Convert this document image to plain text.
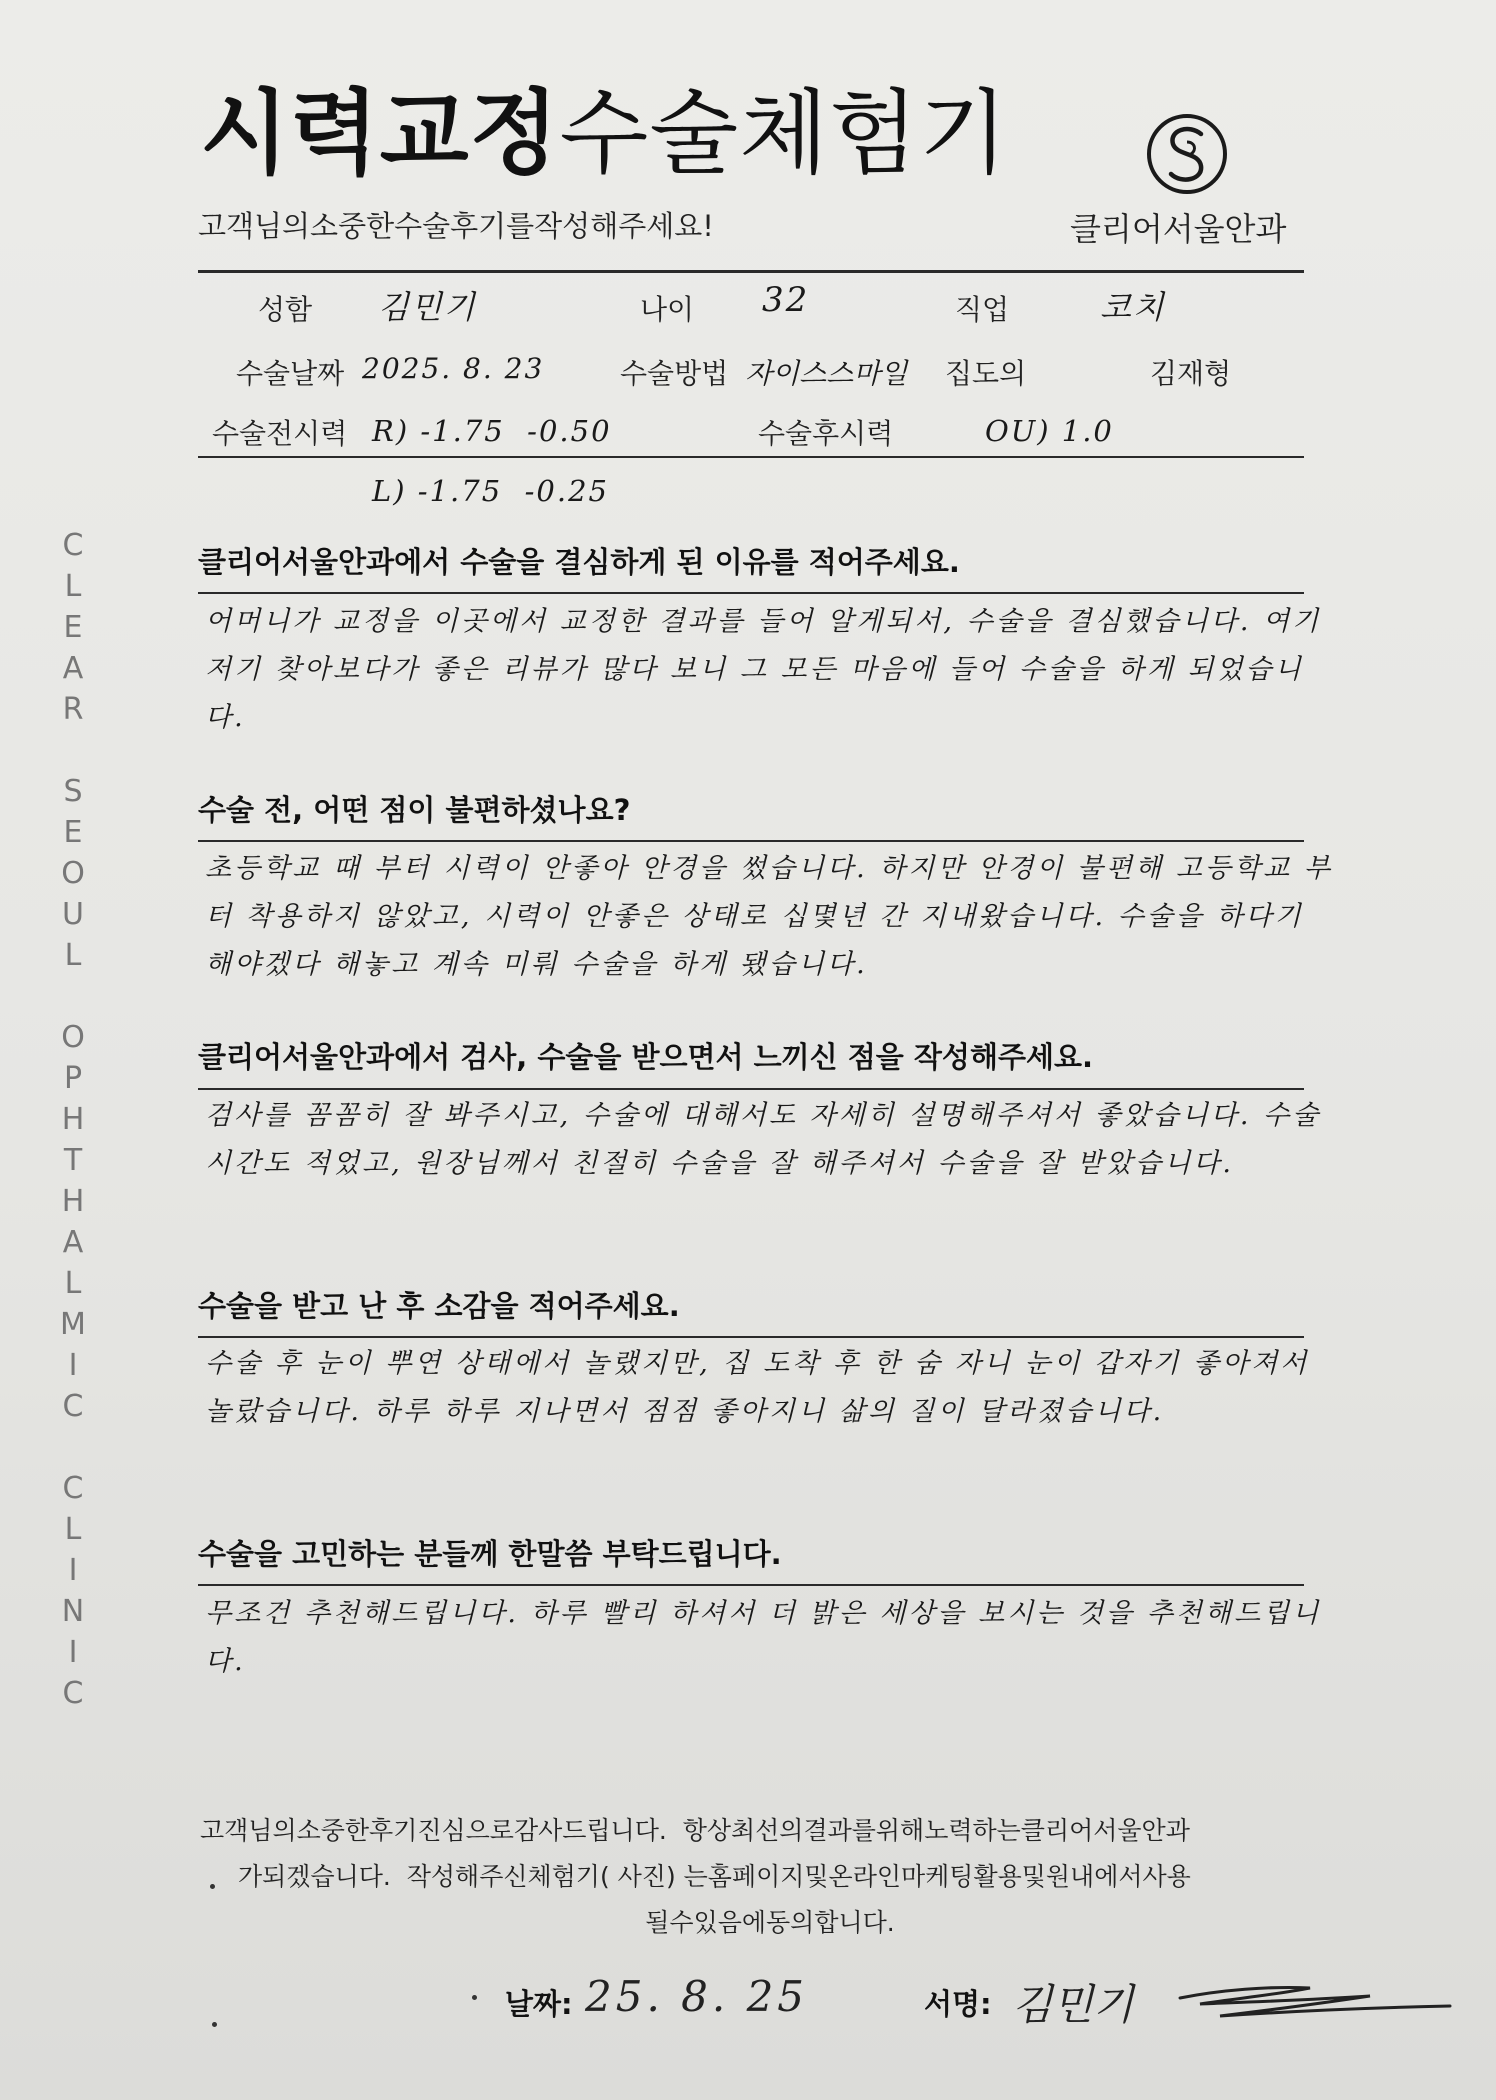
시력교정수술체험기
고객님의소중한수술후기를작성해주세요!	클리어서울안과
성함 김민기	나이 32	직업	코치
수술날짜 2025. 8. 23	수술방법 자이스스마일 집도의	김재형
수술전시력 R) -1.75  -0.50	수술후시력	OU) 1.0
L) -1.75  -0.25
C
L
E
A
R

S
E
O
U
L

O
P
H
T
H
A
L
M
I
C

C
L
I
N
I
C
클리어서울안과에서 수술을 결심하게 된 이유를 적어주세요.
어머니가 교정을 이곳에서 교정한 결과를 들어 알게되서, 수술을 결심했습니다. 여기 저기 찾아보다가 좋은 리뷰가 많다 보니 그 모든 마음에 들어 수술을 하게 되었습니다.
수술 전, 어떤 점이 불편하셨나요?
초등학교 때 부터 시력이 안좋아 안경을 썼습니다. 하지만 안경이 불편해 고등학교 부터 착용하지 않았고, 시력이 안좋은 상태로 십몇년 간 지내왔습니다. 수술을 하다기 해야겠다 해놓고 계속 미뤄 수술을 하게 됐습니다.
클리어서울안과에서 검사, 수술을 받으면서 느끼신 점을 작성해주세요.
검사를 꼼꼼히 잘 봐주시고, 수술에 대해서도 자세히 설명해주셔서 좋았습니다. 수술 시간도 적었고, 원장님께서 친절히 수술을 잘 해주셔서 수술을 잘 받았습니다.
수술을 받고 난 후 소감을 적어주세요.
수술 후 눈이 뿌연 상태에서 놀랬지만, 집 도착 후 한 숨 자니 눈이 갑자기 좋아져서 놀랐습니다. 하루 하루 지나면서 점점 좋아지니 삶의 질이 달라졌습니다.
수술을 고민하는 분들께 한말씀 부탁드립니다.
무조건 추천해드립니다. 하루 빨리 하셔서 더 밝은 세상을 보시는 것을 추천해드립니다.
고객님의소중한후기진심으로감사드립니다.  항상최선의결과를위해노력하는클리어서울안과
가되겠습니다.  작성해주신체험기( 사진) 는홈페이지및온라인마케팅활용및원내에서사용
될수있음에동의합니다.
날짜: 25. 8. 25	서명: 김민기
